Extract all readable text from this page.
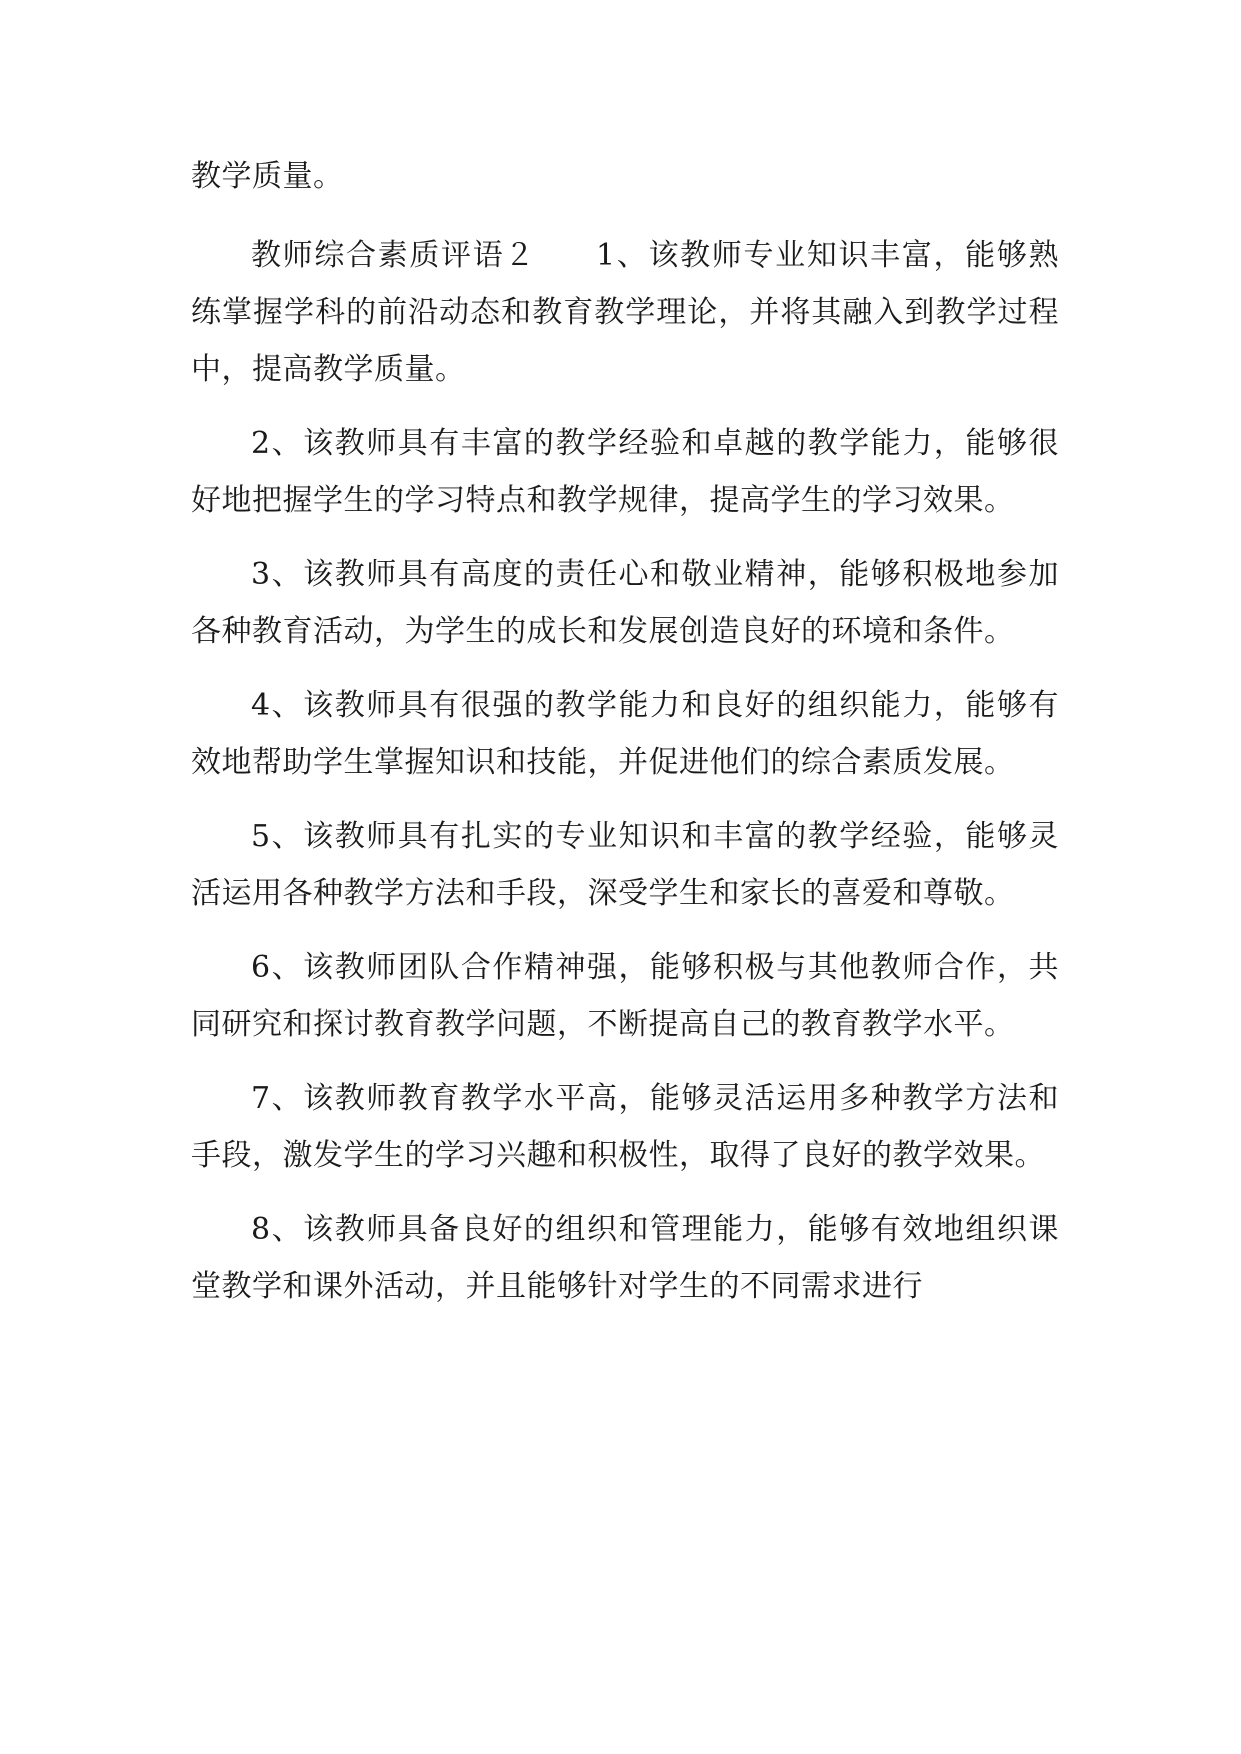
教学质量。

教师综合素质评语２ 1、该教师专业知识丰富，能够熟练掌握学科的前沿动态和教育教学理论，并将其融入到教学过程中，提高教学质量。

2、该教师具有丰富的教学经验和卓越的教学能力，能够很好地把握学生的学习特点和教学规律，提高学生的学习效果。

3、该教师具有高度的责任心和敬业精神，能够积极地参加各种教育活动，为学生的成长和发展创造良好的环境和条件。

4、该教师具有很强的教学能力和良好的组织能力，能够有效地帮助学生掌握知识和技能，并促进他们的综合素质发展。

5、该教师具有扎实的专业知识和丰富的教学经验，能够灵活运用各种教学方法和手段，深受学生和家长的喜爱和尊敬。

6、该教师团队合作精神强，能够积极与其他教师合作，共同研究和探讨教育教学问题，不断提高自己的教育教学水平。

7、该教师教育教学水平高，能够灵活运用多种教学方法和手段，激发学生的学习兴趣和积极性，取得了良好的教学效果。

8、该教师具备良好的组织和管理能力，能够有效地组织课堂教学和课外活动，并且能够针对学生的不同需求进行
